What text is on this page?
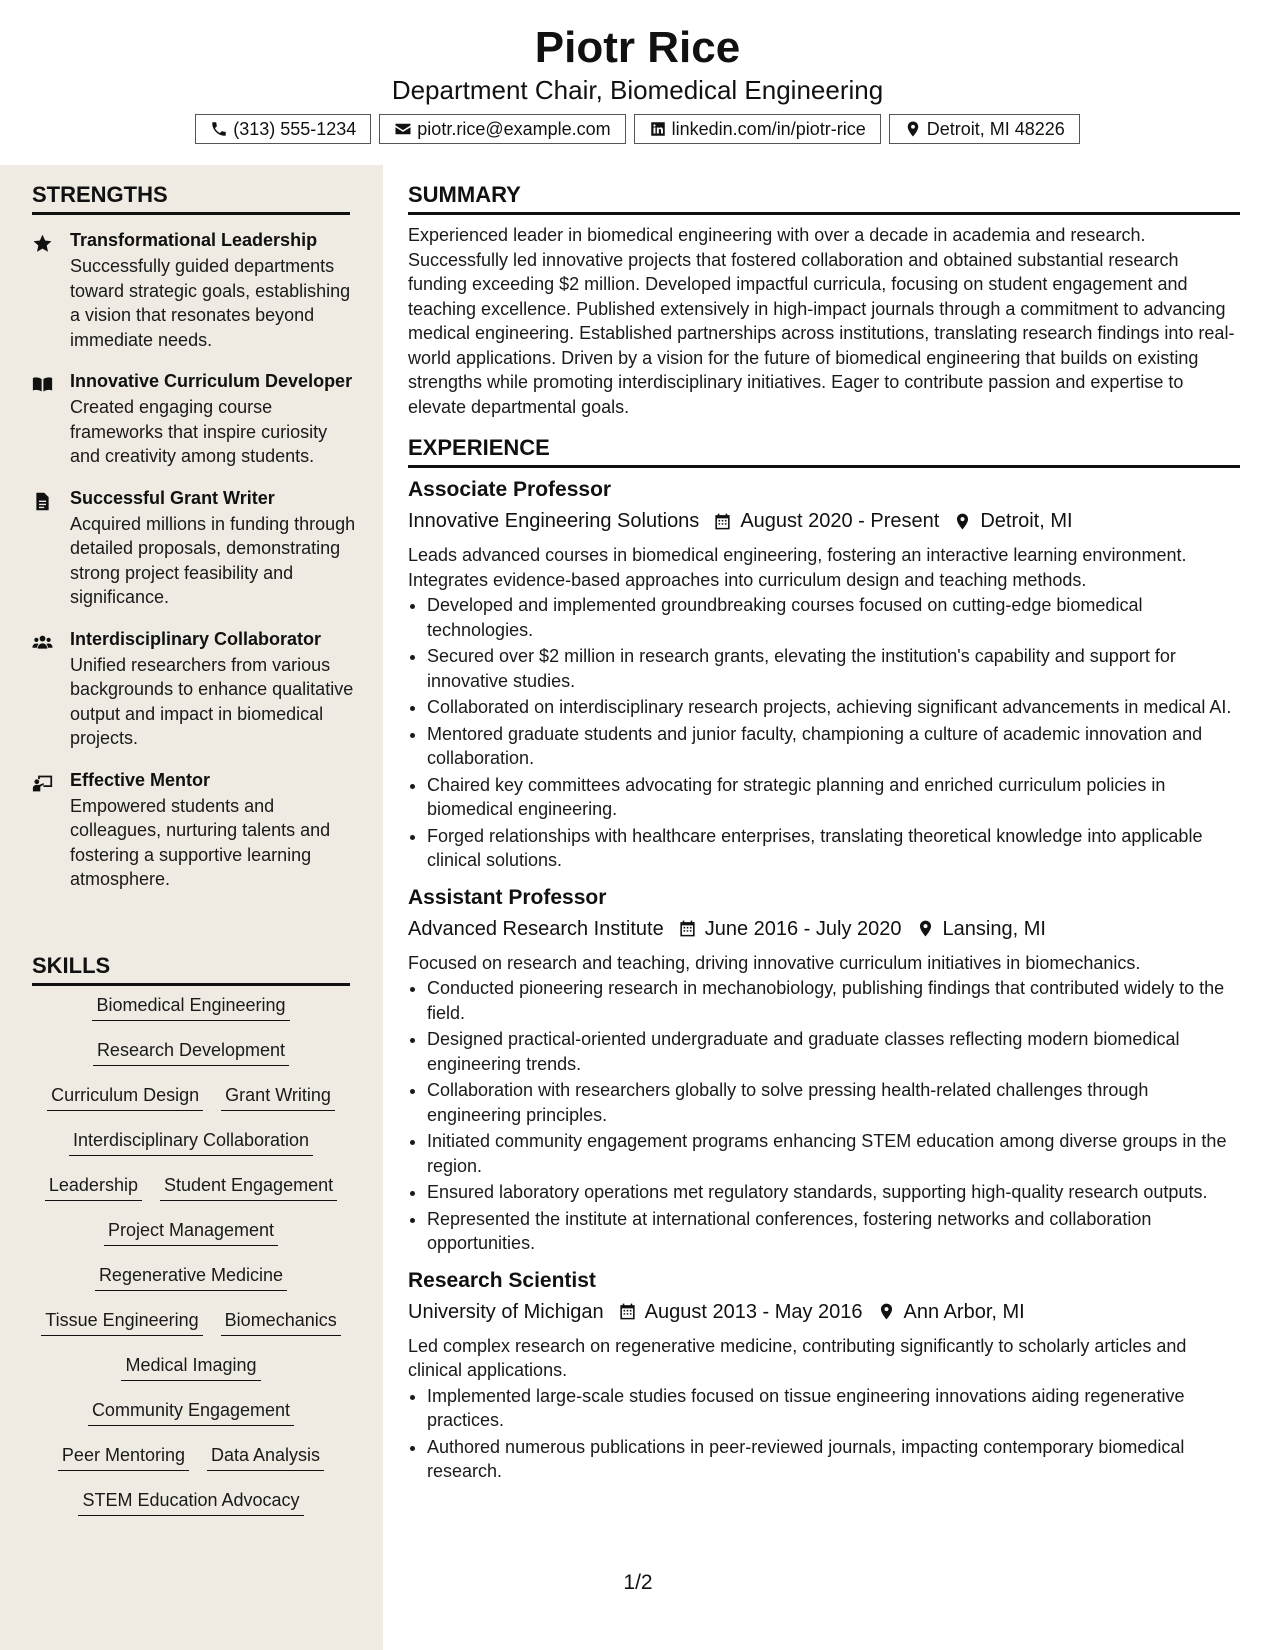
Piotr Rice
Department Chair, Biomedical Engineering
(313) 555-1234	piotr.rice@example.com	linkedin.com/in/piotr-rice	Detroit, MI 48226
STRENGTHS
Transformational Leadership
Successfully guided departments toward strategic goals, establishing a vision that resonates beyond immediate needs.
Innovative Curriculum Developer
Created engaging course frameworks that inspire curiosity and creativity among students.
Successful Grant Writer
Acquired millions in funding through detailed proposals, demonstrating strong project feasibility and significance.
Interdisciplinary Collaborator
Unified researchers from various backgrounds to enhance qualitative output and impact in biomedical projects.
Effective Mentor
Empowered students and colleagues, nurturing talents and fostering a supportive learning atmosphere.
SKILLS
Biomedical Engineering
Research Development
Curriculum Design Grant Writing
Interdisciplinary Collaboration
Leadership Student Engagement
Project Management
Regenerative Medicine
Tissue Engineering Biomechanics
Medical Imaging
Community Engagement
Peer Mentoring Data Analysis
STEM Education Advocacy
SUMMARY

Experienced leader in biomedical engineering with over a decade in academia and research. Successfully led innovative projects that fostered collaboration and obtained substantial research funding exceeding $2 million. Developed impactful curricula, focusing on student engagement and teaching excellence. Published extensively in high-impact journals through a commitment to advancing medical engineering. Established partnerships across institutions, translating research findings into real-world applications. Driven by a vision for the future of biomedical engineering that builds on existing strengths while promoting interdisciplinary initiatives. Eager to contribute passion and expertise to elevate departmental goals.

EXPERIENCE
Associate Professor
Innovative Engineering Solutions August 2020 - Present Detroit, MI

Leads advanced courses in biomedical engineering, fostering an interactive learning environment. Integrates evidence-based approaches into curriculum design and teaching methods.

• Developed and implemented groundbreaking courses focused on cutting-edge biomedical technologies.
• Secured over $2 million in research grants, elevating the institution's capability and support for innovative studies.
• Collaborated on interdisciplinary research projects, achieving significant advancements in medical AI.
• Mentored graduate students and junior faculty, championing a culture of academic innovation and collaboration.
• Chaired key committees advocating for strategic planning and enriched curriculum policies in biomedical engineering.
• Forged relationships with healthcare enterprises, translating theoretical knowledge into applicable clinical solutions.
Assistant Professor
Advanced Research Institute June 2016 - July 2020 Lansing, MI

Focused on research and teaching, driving innovative curriculum initiatives in biomechanics.

• Conducted pioneering research in mechanobiology, publishing findings that contributed widely to the field.
• Designed practical-oriented undergraduate and graduate classes reflecting modern biomedical engineering trends.
• Collaboration with researchers globally to solve pressing health-related challenges through engineering principles.
• Initiated community engagement programs enhancing STEM education among diverse groups in the region.
• Ensured laboratory operations met regulatory standards, supporting high-quality research outputs.
• Represented the institute at international conferences, fostering networks and collaboration opportunities.
Research Scientist
University of Michigan August 2013 - May 2016 Ann Arbor, MI

Led complex research on regenerative medicine, contributing significantly to scholarly articles and clinical applications.

• Implemented large-scale studies focused on tissue engineering innovations aiding regenerative practices.
• Authored numerous publications in peer-reviewed journals, impacting contemporary biomedical research.
1/2
